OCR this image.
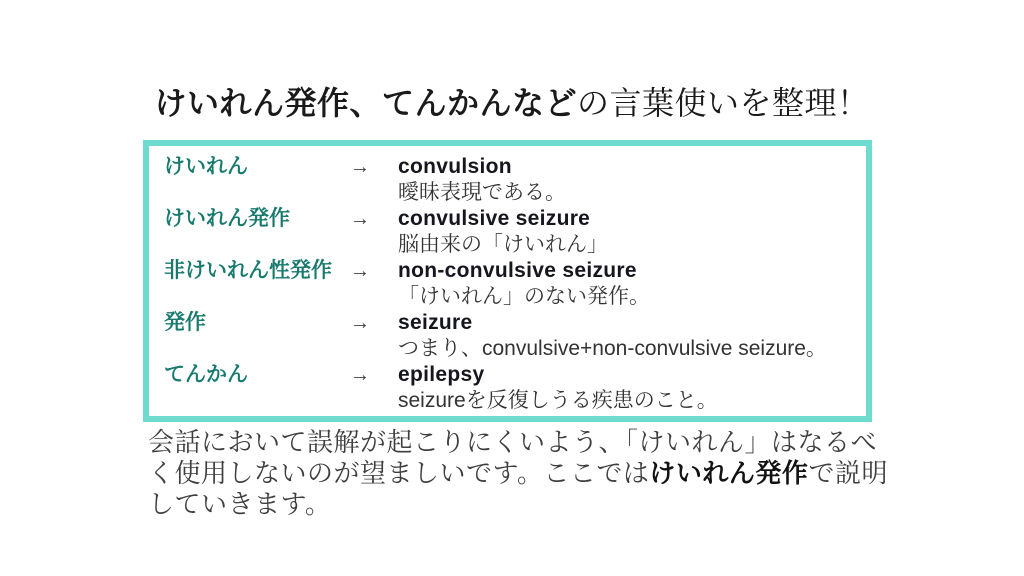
けいれん発作、てんかんなどの言葉使いを整理！
けいれん	→	convulsion
曖昧表現である。
けいれん発作	→	convulsive seizure
脳由来の「けいれん」
非けいれん性発作 →	non-convulsive seizure
「けいれん」のない発作。
発作	→	seizure
つまり、convulsive+non-convulsive seizure。
てんかん	→	epilepsy
seizureを反復しうる疾患のこと。
会話において誤解が起こりにくいよう、「けいれん」はなるべく使用しないのが望ましいです。ここではけいれん発作で説明していきます。
